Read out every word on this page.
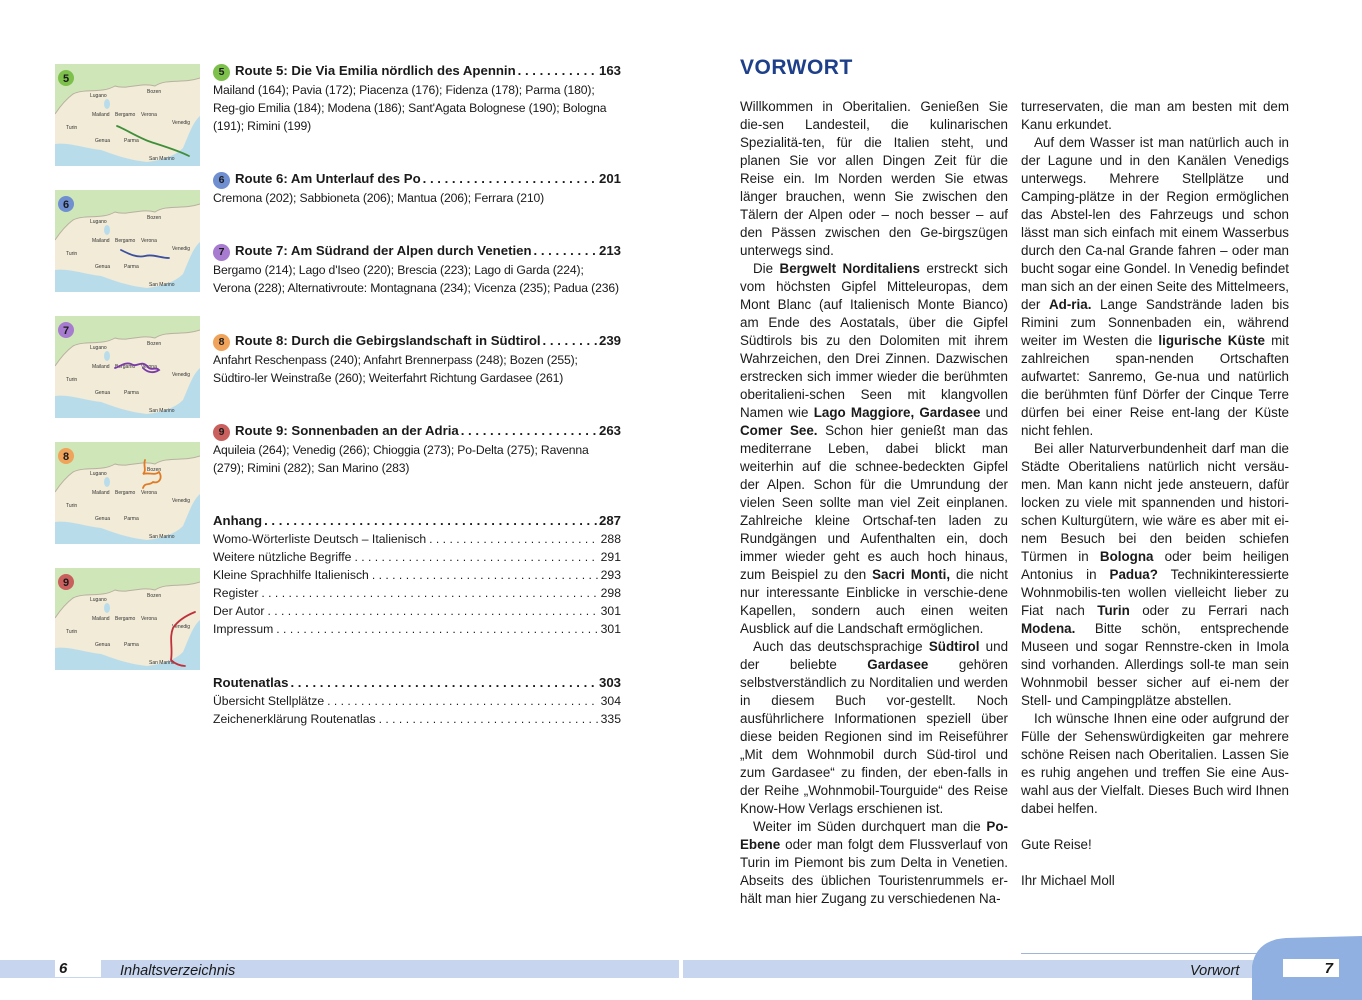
Lugano
Bozen
Mailand Bergamo Verona
Turin
Venedig
Genua	Parma
San Marino
5
Lugano
Bozen
Mailand Bergamo Verona
Turin
Venedig
Genua	Parma
San Marino
6
Lugano
Bozen
Mailand Bergamo Verona
Turin
Venedig
Genua	Parma
San Marino
7
Lugano
Bozen
Mailand Bergamo Verona
Turin
Venedig
Genua	Parma
San Marino
8
Lugano
Bozen
Mailand Bergamo Verona
Turin
Venedig
Genua	Parma
San Marino
9
5 Route 5: Die Via Emilia nördlich des Apennin . . .	163
Mailand (164); Pavia (172); Piacenza (176); Fidenza (178); Parma (180); Reg-gio Emilia (184); Modena (186); Sant'Agata Bolognese (190); Bologna (191); Rimini (199)
6 Route 6: Am Unterlauf des Po . . .	201
Cremona (202); Sabbioneta (206); Mantua (206); Ferrara (210)
7 Route 7: Am Südrand der Alpen durch Venetien . . .	213
Bergamo (214); Lago d'Iseo (220); Brescia (223); Lago di Garda (224); Verona (228); Alternativroute: Montagnana (234); Vicenza (235); Padua (236)
8 Route 8: Durch die Gebirgslandschaft in Südtirol . . .	239
Anfahrt Reschenpass (240); Anfahrt Brennerpass (248); Bozen (255); Südtiro-ler Weinstraße (260); Weiterfahrt Richtung Gardasee (261)
9 Route 9: Sonnenbaden an der Adria . . .	263
Aquileia (264); Venedig (266); Chioggia (273); Po-Delta (275); Ravenna (279); Rimini (282); San Marino (283)
Anhang . . .	287
Womo-Wörterliste Deutsch – Italienisch . . .	288
Weitere nützliche Begriffe . . .	291
Kleine Sprachhilfe Italienisch . . .	293
Register . . .	298
Der Autor . . .	301
Impressum . . .	301
Routenatlas . . .	303
Übersicht Stellplätze . . .	304
Zeichenerklärung Routenatlas . . .	335
6	Inhaltsverzeichnis
VORWORT

Willkommen in Oberitalien. Genießen Sie die-sen Landesteil, die kulinarischen Spezialitä-ten, für die Italien steht, und planen Sie vor allen Dingen Zeit für die Reise ein. Im Norden werden Sie etwas länger brauchen, wenn Sie zwischen den Tälern der Alpen oder – noch besser – auf den Pässen zwischen den Ge-birgszügen unterwegs sind.

Die Bergwelt Norditaliens erstreckt sich vom höchsten Gipfel Mitteleuropas, dem Mont Blanc (auf Italienisch Monte Bianco) am Ende des Aostatals, über die Gipfel Südtirols bis zu den Dolomiten mit ihrem Wahrzeichen, den Drei Zinnen. Dazwischen erstrecken sich immer wieder die berühmten oberitalieni-schen Seen mit klangvollen Namen wie Lago Maggiore, Gardasee und Comer See. Schon hier genießt man das mediterrane Leben, dabei blickt man weiterhin auf die schnee-bedeckten Gipfel der Alpen. Schon für die Umrundung der vielen Seen sollte man viel Zeit einplanen. Zahlreiche kleine Ortschaf-ten laden zu Rundgängen und Aufenthalten ein, doch immer wieder geht es auch hoch hinaus, zum Beispiel zu den Sacri Monti, die nicht nur interessante Einblicke in verschie-dene Kapellen, sondern auch einen weiten Ausblick auf die Landschaft ermöglichen.

Auch das deutschsprachige Südtirol und der beliebte Gardasee gehören selbstverständlich zu Norditalien und werden in diesem Buch vor-gestellt. Noch ausführlichere Informationen speziell über diese beiden Regionen sind im Reiseführer „Mit dem Wohnmobil durch Süd-tirol und zum Gardasee“ zu finden, der eben-falls in der Reihe „Wohnmobil-Tourguide“ des Reise Know-How Verlags erschienen ist.

Weiter im Süden durchquert man die Po-Ebene oder man folgt dem Flussverlauf von Turin im Piemont bis zum Delta in Venetien. Abseits des üblichen Touristenrummels er-hält man hier Zugang zu verschiedenen Na-

turreservaten, die man am besten mit dem Kanu erkundet.

Auf dem Wasser ist man natürlich auch in der Lagune und in den Kanälen Venedigs unterwegs. Mehrere Stellplätze und Camping-plätze in der Region ermöglichen das Abstel-len des Fahrzeugs und schon lässt man sich einfach mit einem Wasserbus durch den Ca-nal Grande fahren – oder man bucht sogar eine Gondel. In Venedig befindet man sich an der einen Seite des Mittelmeers, der Ad-ria. Lange Sandstrände laden bis Rimini zum Sonnenbaden ein, während weiter im Westen die ligurische Küste mit zahlreichen span-nenden Ortschaften aufwartet: Sanremo, Ge-nua und natürlich die berühmten fünf Dörfer der Cinque Terre dürfen bei einer Reise ent-lang der Küste nicht fehlen.

Bei aller Naturverbundenheit darf man die Städte Oberitaliens natürlich nicht versäu-men. Man kann nicht jede ansteuern, dafür locken zu viele mit spannenden und histori-schen Kulturgütern, wie wäre es aber mit ei-nem Besuch bei den beiden schiefen Türmen in Bologna oder beim heiligen Antonius in Padua? Technikinteressierte Wohnmobilis-ten wollen vielleicht lieber zu Fiat nach Turin oder zu Ferrari nach Modena. Bitte schön, entsprechende Museen und sogar Rennstre-cken in Imola sind vorhanden. Allerdings soll-te man sein Wohnmobil besser sicher auf ei-nem der Stell- und Campingplätze abstellen.

Ich wünsche Ihnen eine oder aufgrund der Fülle der Sehenswürdigkeiten gar mehrere schöne Reisen nach Oberitalien. Lassen Sie es ruhig angehen und treffen Sie eine Aus-wahl aus der Vielfalt. Dieses Buch wird Ihnen dabei helfen.

Gute Reise!

Ihr Michael Moll

Vorwort	7
